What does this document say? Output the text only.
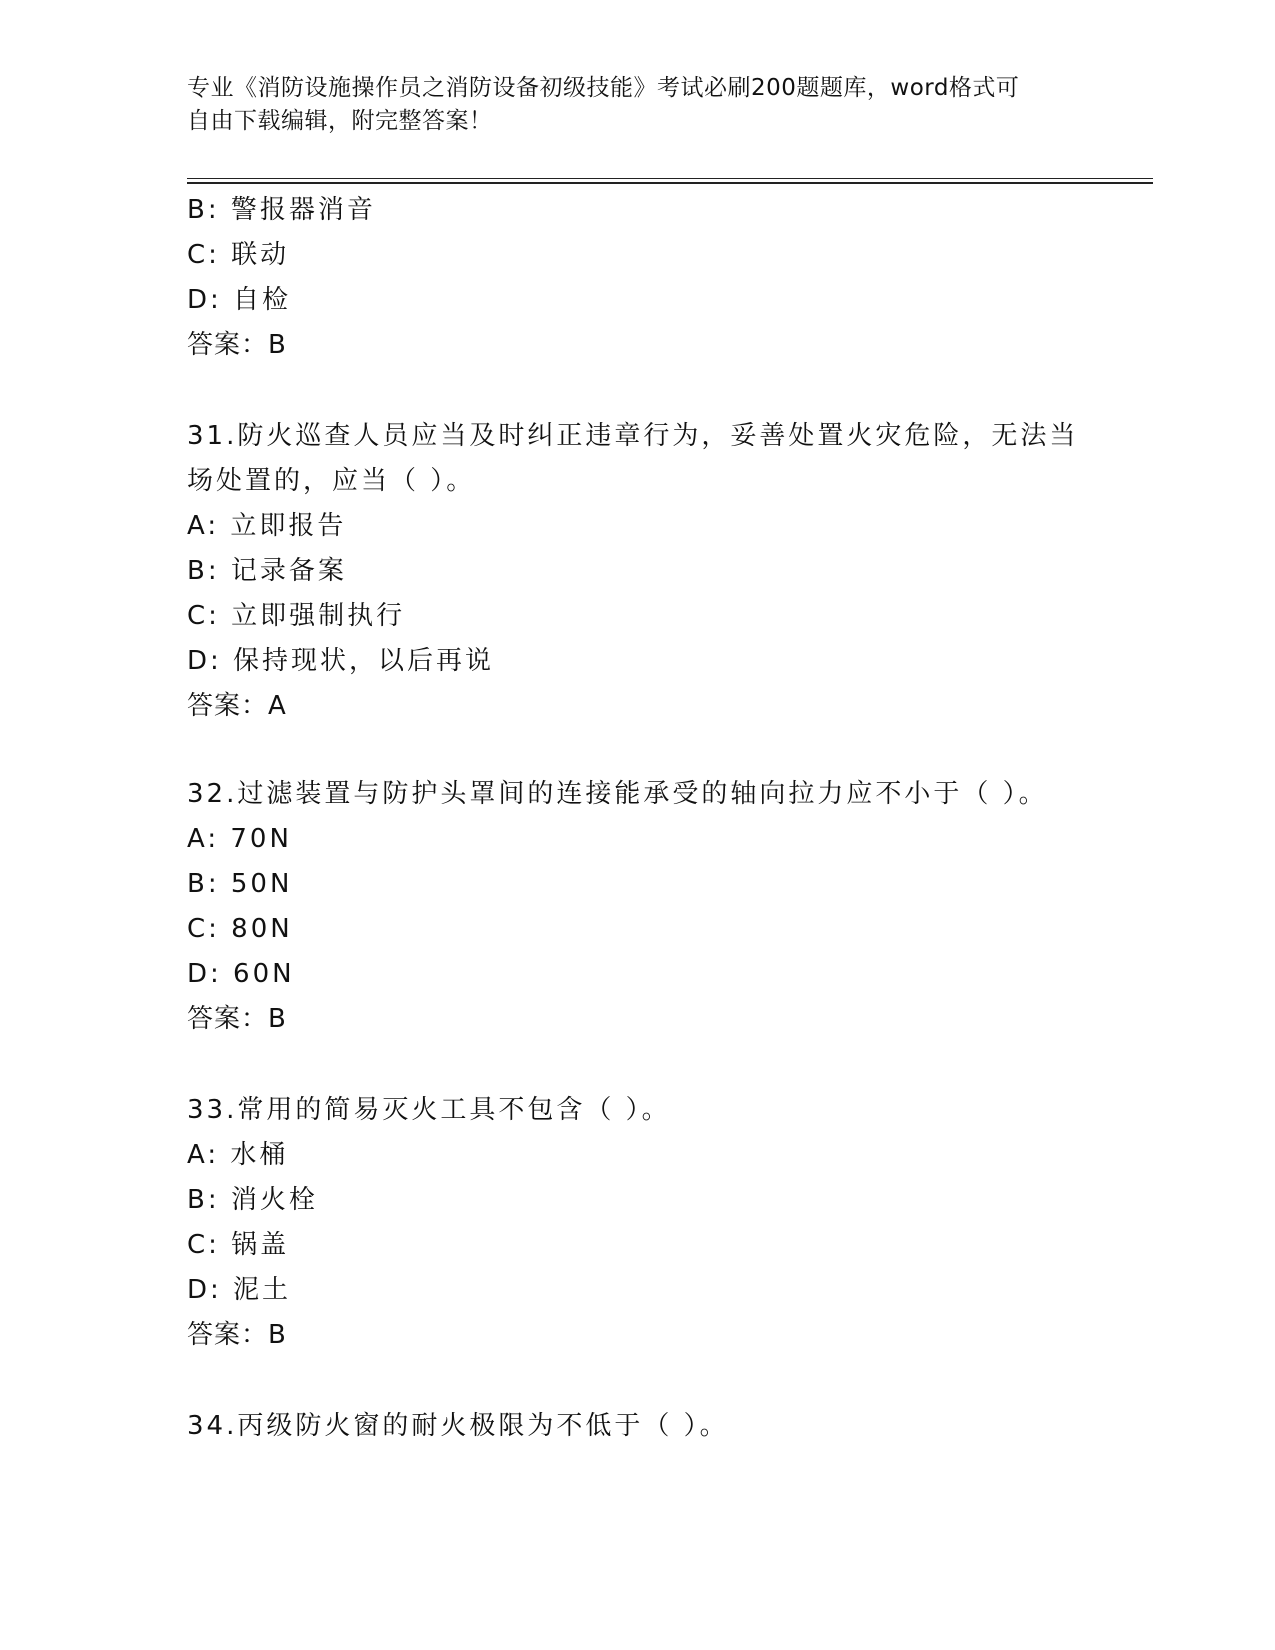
专业《消防设施操作员之消防设备初级技能》考试必刷200题题库，word格式可
自由下载编辑，附完整答案！
B: 警报器消音
C: 联动
D: 自检
答案：B
31.防火巡查人员应当及时纠正违章行为，妥善处置火灾危险，无法当
场处置的，应当（ ）。
A: 立即报告
B: 记录备案
C: 立即强制执行
D: 保持现状，以后再说
答案：A
32.过滤装置与防护头罩间的连接能承受的轴向拉力应不小于（ ）。
A: 70N
B: 50N
C: 80N
D: 60N
答案：B
33.常用的简易灭火工具不包含（ ）。
A: 水桶
B: 消火栓
C: 锅盖
D: 泥土
答案：B
34.丙级防火窗的耐火极限为不低于（ ）。
